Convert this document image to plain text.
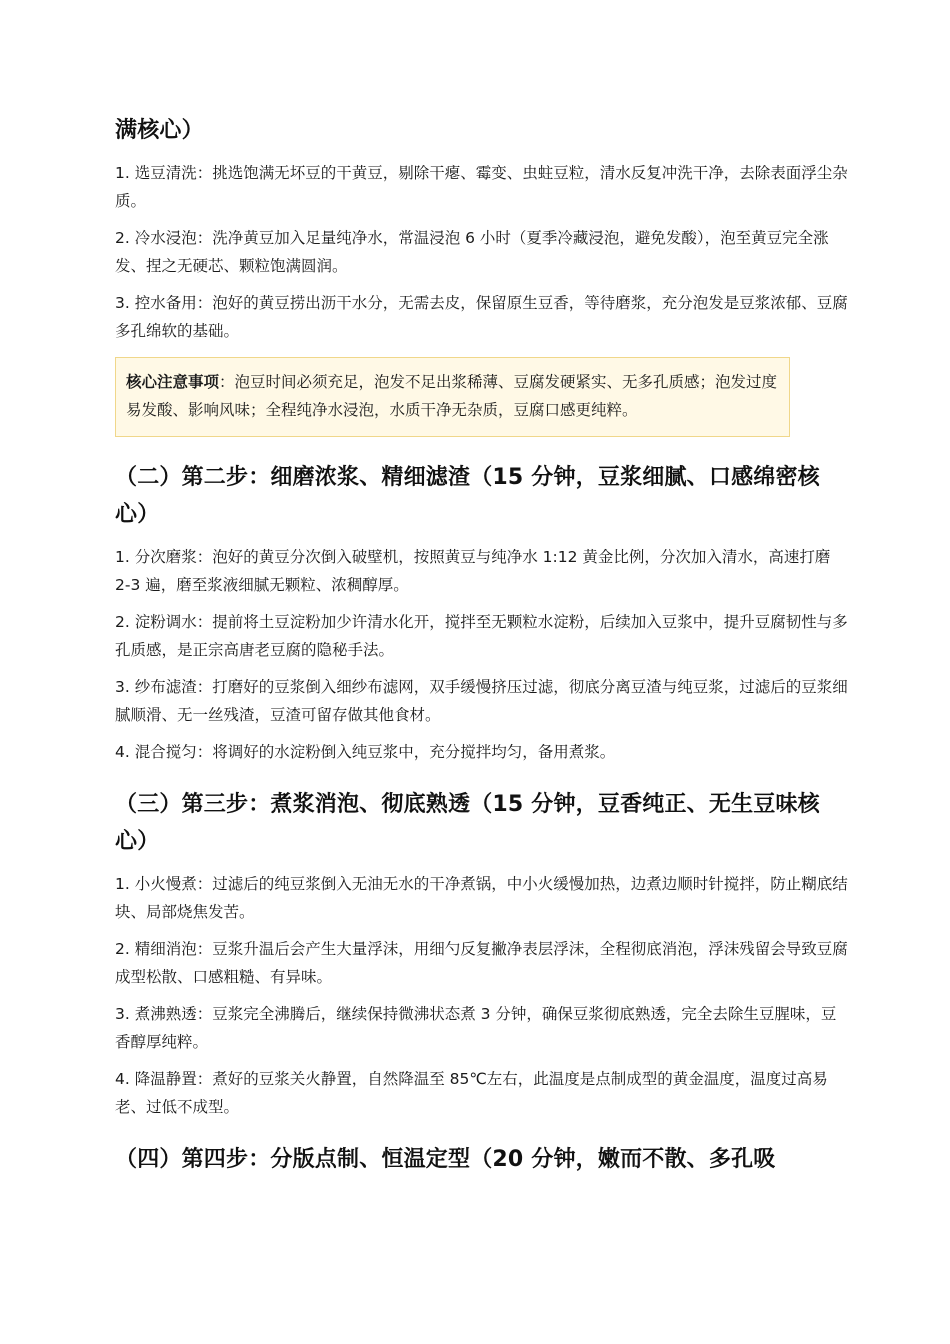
满核心）

1. 选豆清洗：挑选饱满无坏豆的干黄豆，剔除干瘪、霉变、虫蛀豆粒，清水反复冲洗干净，去除表面浮尘杂质。

2. 冷水浸泡：洗净黄豆加入足量纯净水，常温浸泡 6 小时（夏季冷藏浸泡，避免发酸），泡至黄豆完全涨发、捏之无硬芯、颗粒饱满圆润。

3. 控水备用：泡好的黄豆捞出沥干水分，无需去皮，保留原生豆香，等待磨浆，充分泡发是豆浆浓郁、豆腐多孔绵软的基础。

核心注意事项：泡豆时间必须充足，泡发不足出浆稀薄、豆腐发硬紧实、无多孔质感；泡发过度易发酸、影响风味；全程纯净水浸泡，水质干净无杂质，豆腐口感更纯粹。
（二）第二步：细磨浓浆、精细滤渣（15 分钟，豆浆细腻、口感绵密核心）

1. 分次磨浆：泡好的黄豆分次倒入破壁机，按照黄豆与纯净水 1:12 黄金比例，分次加入清水，高速打磨 2-3 遍，磨至浆液细腻无颗粒、浓稠醇厚。

2. 淀粉调水：提前将土豆淀粉加少许清水化开，搅拌至无颗粒水淀粉，后续加入豆浆中，提升豆腐韧性与多孔质感，是正宗高唐老豆腐的隐秘手法。

3. 纱布滤渣：打磨好的豆浆倒入细纱布滤网，双手缓慢挤压过滤，彻底分离豆渣与纯豆浆，过滤后的豆浆细腻顺滑、无一丝残渣，豆渣可留存做其他食材。

4. 混合搅匀：将调好的水淀粉倒入纯豆浆中，充分搅拌均匀，备用煮浆。

（三）第三步：煮浆消泡、彻底熟透（15 分钟，豆香纯正、无生豆味核心）

1. 小火慢煮：过滤后的纯豆浆倒入无油无水的干净煮锅，中小火缓慢加热，边煮边顺时针搅拌，防止糊底结块、局部烧焦发苦。

2. 精细消泡：豆浆升温后会产生大量浮沫，用细勺反复撇净表层浮沫，全程彻底消泡，浮沫残留会导致豆腐成型松散、口感粗糙、有异味。

3. 煮沸熟透：豆浆完全沸腾后，继续保持微沸状态煮 3 分钟，确保豆浆彻底熟透，完全去除生豆腥味，豆香醇厚纯粹。

4. 降温静置：煮好的豆浆关火静置，自然降温至 85℃左右，此温度是点制成型的黄金温度，温度过高易老、过低不成型。

（四）第四步：分版点制、恒温定型（20 分钟，嫩而不散、多孔吸
